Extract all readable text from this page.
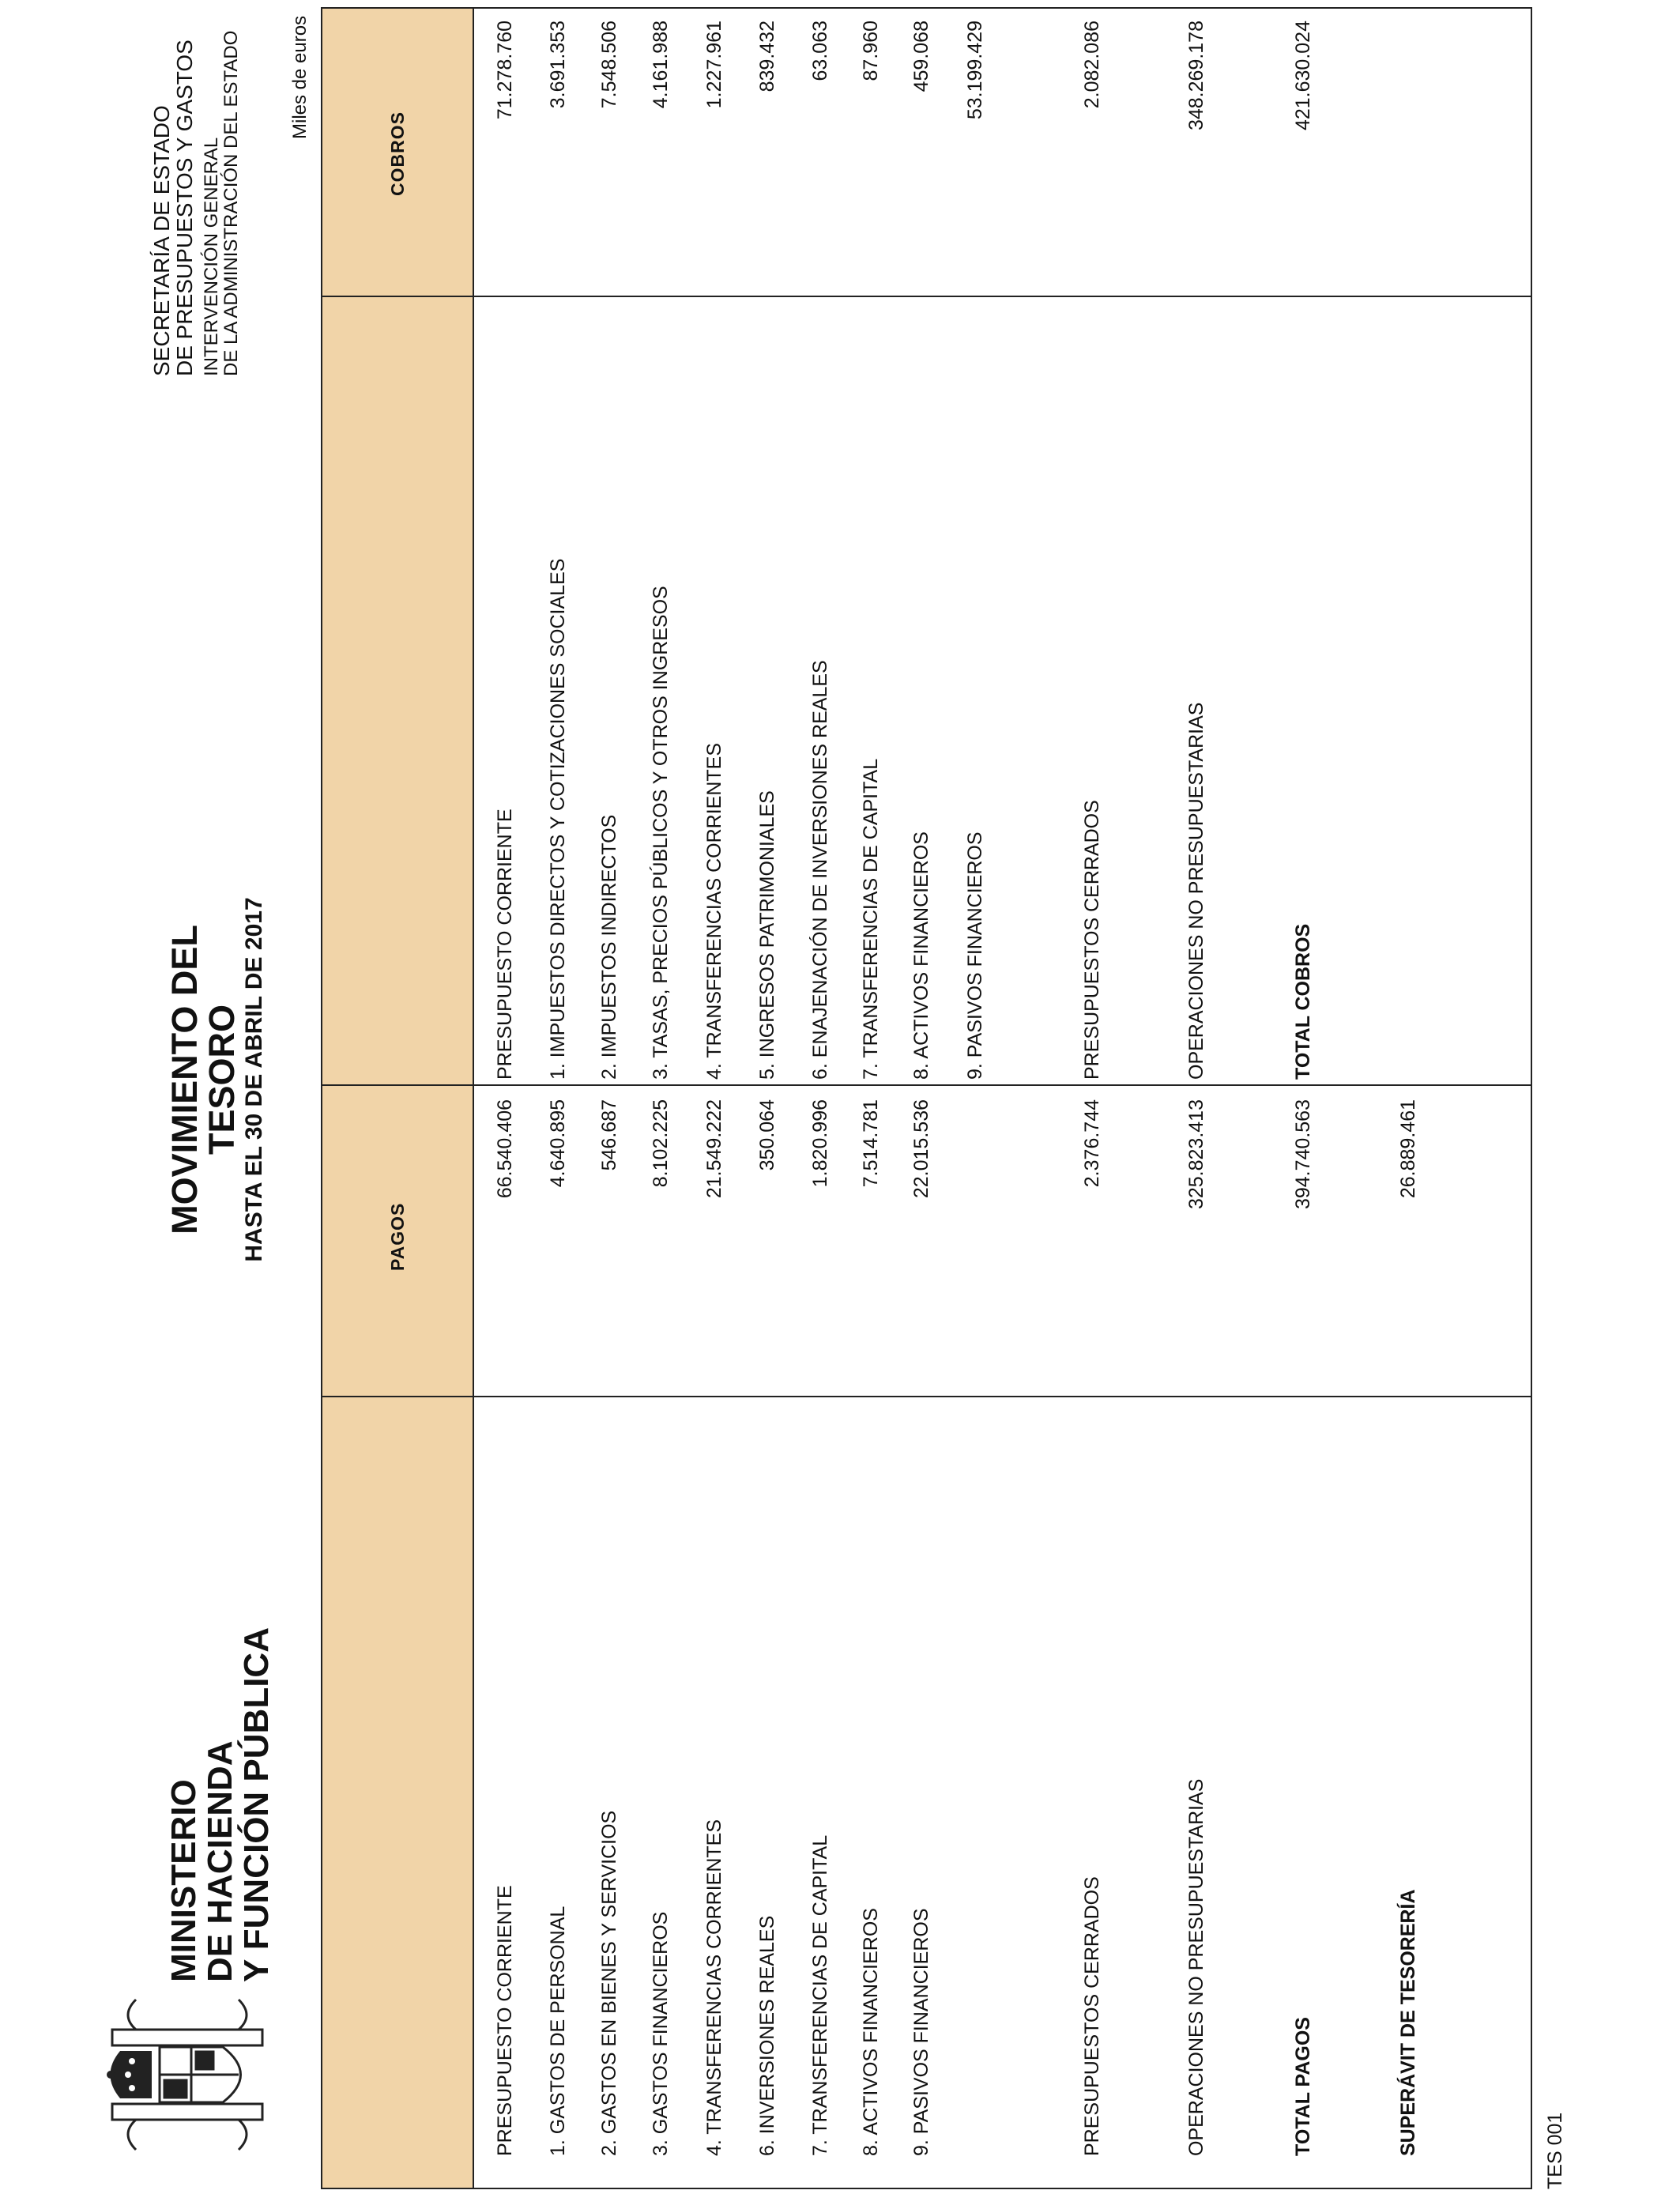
MINISTERIO
DE HACIENDA
Y FUNCIÓN PÚBLICA
MOVIMIENTO DEL TESORO
HASTA EL 30 DE ABRIL DE 2017
SECRETARÍA DE ESTADO
DE PRESUPUESTOS Y GASTOS INTERVENCIÓN GENERAL
DE LA ADMINISTRACIÓN DEL ESTADO	Miles de euros
PAGOS
COBROS
PRESUPUESTO CORRIENTE
66.540.406
1. GASTOS DE PERSONAL
4.640.895
2. GASTOS EN BIENES Y SERVICIOS
546.687
3. GASTOS FINANCIEROS
8.102.225
4. TRANSFERENCIAS CORRIENTES
21.549.222
6. INVERSIONES REALES
350.064
7. TRANSFERENCIAS DE CAPITAL
1.820.996
8. ACTIVOS FINANCIEROS
7.514.781
9. PASIVOS FINANCIEROS
22.015.536
PRESUPUESTOS CERRADOS
2.376.744
OPERACIONES NO PRESUPUESTARIAS
325.823.413
TOTAL PAGOS
394.740.563
SUPERÁVIT DE TESORERÍA
26.889.461
PRESUPUESTO CORRIENTE
71.278.760
1. IMPUESTOS DIRECTOS Y COTIZACIONES SOCIALES
3.691.353
2. IMPUESTOS INDIRECTOS
7.548.506
3. TASAS, PRECIOS PÚBLICOS Y OTROS INGRESOS
4.161.988
4. TRANSFERENCIAS CORRIENTES
1.227.961
5. INGRESOS PATRIMONIALES
839.432
6. ENAJENACIÓN DE INVERSIONES REALES
63.063
7. TRANSFERENCIAS DE CAPITAL
87.960
8. ACTIVOS FINANCIEROS
459.068
9. PASIVOS FINANCIEROS
53.199.429
PRESUPUESTOS CERRADOS
2.082.086
OPERACIONES NO PRESUPUESTARIAS
348.269.178
TOTAL COBROS
421.630.024
TES 001
